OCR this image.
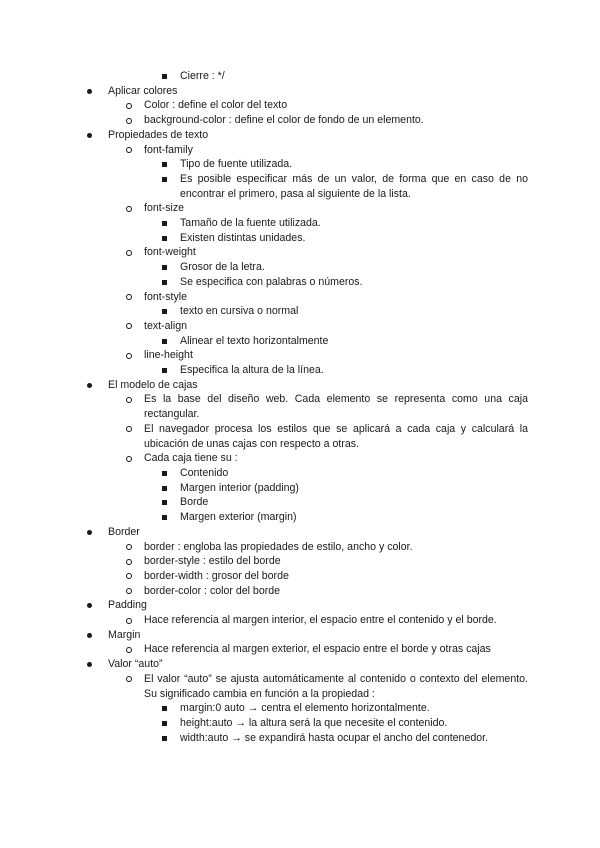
Cierre : */
Aplicar colores
Color : define el color del texto
background-color : define el color de fondo de un elemento.
Propiedades de texto
font-family
Tipo de fuente utilizada.
Es posible especificar más de un valor, de forma que en caso de no encontrar el primero, pasa al siguiente de la lista.
font-size
Tamaño de la fuente utilizada.
Existen distintas unidades.
font-weight
Grosor de la letra.
Se especifica con palabras o números.
font-style
texto en cursiva o normal
text-align
Alinear el texto horizontalmente
line-height
Especifica la altura de la línea.
El modelo de cajas
Es la base del diseño web. Cada elemento se representa como una caja rectangular.
El navegador procesa los estilos que se aplicará a cada caja y calculará la ubicación de unas cajas con respecto a otras.
Cada caja tiene su :
Contenido
Margen interior (padding)
Borde
Margen exterior (margin)
Border
border : engloba las propiedades de estilo, ancho y color.
border-style : estilo del borde
border-width : grosor del borde
border-color : color del borde
Padding
Hace referencia al margen interior, el espacio entre el contenido y el borde.
Margin
Hace referencia al margen exterior, el espacio entre el borde y otras cajas
Valor “auto”
El valor “auto” se ajusta automáticamente al contenido o contexto del elemento. Su significado cambia en función a la propiedad :
margin:0 auto → centra el elemento horizontalmente.
height:auto → la altura será la que necesite el contenido.
width:auto → se expandirá hasta ocupar el ancho del contenedor.
